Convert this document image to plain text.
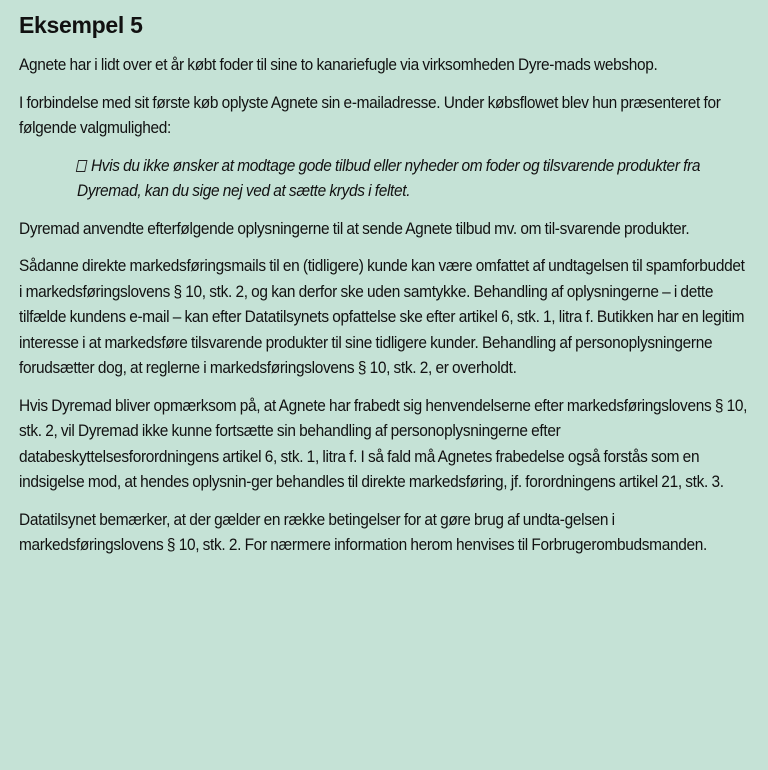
Eksempel 5

Agnete har i lidt over et år købt foder til sine to kanariefugle via virksomheden Dyre-mads webshop.

I forbindelse med sit første køb oplyste Agnete sin e-mailadresse. Under købsflowet blev hun præsenteret for følgende valgmulighed:

Hvis du ikke ønsker at modtage gode tilbud eller nyheder om foder og tilsvarende produkter fra Dyremad, kan du sige nej ved at sætte kryds i feltet.

Dyremad anvendte efterfølgende oplysningerne til at sende Agnete tilbud mv. om til-svarende produkter.

Sådanne direkte markedsføringsmails til en (tidligere) kunde kan være omfattet af undtagelsen til spamforbuddet i markedsføringslovens § 10, stk. 2, og kan derfor ske uden samtykke. Behandling af oplysningerne – i dette tilfælde kundens e-mail – kan efter Datatilsynets opfattelse ske efter artikel 6, stk. 1, litra f. Butikken har en legitim interesse i at markedsføre tilsvarende produkter til sine tidligere kunder. Behandling af personoplysningerne forudsætter dog, at reglerne i markedsføringslovens § 10, stk. 2, er overholdt.

Hvis Dyremad bliver opmærksom på, at Agnete har frabedt sig henvendelserne efter markedsføringslovens § 10, stk. 2, vil Dyremad ikke kunne fortsætte sin behandling af personoplysningerne efter databeskyttelsesforordningens artikel 6, stk. 1, litra f. I så fald må Agnetes frabedelse også forstås som en indsigelse mod, at hendes oplysnin-ger behandles til direkte markedsføring, jf. forordningens artikel 21, stk. 3.

Datatilsynet bemærker, at der gælder en række betingelser for at gøre brug af undta-gelsen i markedsføringslovens § 10, stk. 2. For nærmere information herom henvises til Forbrugerombudsmanden.
